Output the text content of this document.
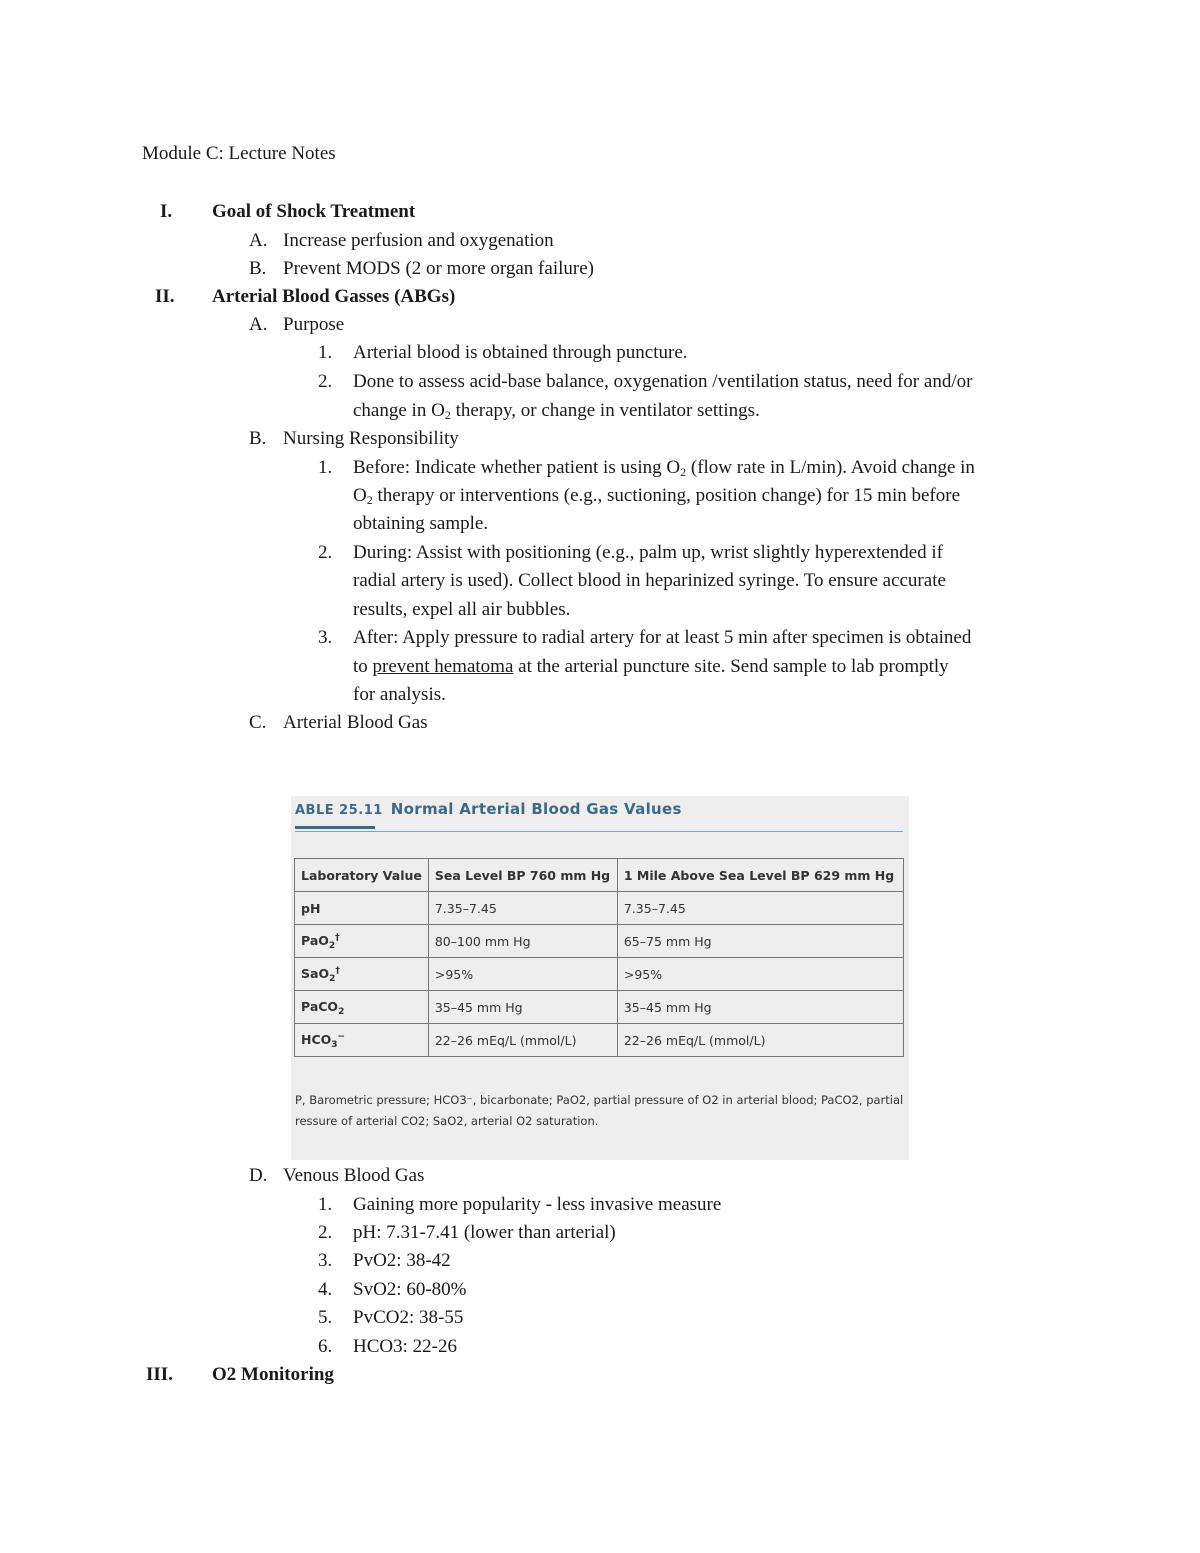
Module C: Lecture Notes
I. Goal of Shock Treatment
A. Increase perfusion and oxygenation
B. Prevent MODS (2 or more organ failure)
II. Arterial Blood Gasses (ABGs)
A. Purpose
1. Arterial blood is obtained through puncture.
2. Done to assess acid-base balance, oxygenation /ventilation status, need for and/or
change in $O_2$ therapy, or change in ventilator settings.
B. Nursing Responsibility
1. Before: Indicate whether patient is using $O_2$ (flow rate in L/min). Avoid change in
$O_2$ therapy or interventions (e.g., suctioning, position change) for 15 min before
obtaining sample.
2. During: Assist with positioning (e.g., palm up, wrist slightly hyperextended if
radial artery is used). Collect blood in heparinized syringe. To ensure accurate
results, expel all air bubbles.
3. After: Apply pressure to radial artery for at least 5 min after specimen is obtained
to prevent hematoma at the arterial puncture site. Send sample to lab promptly
for analysis.
C. Arterial Blood Gas
ABLE 25.11 Normal Arterial Blood Gas Values
Laboratory Value	Sea Level BP 760 mm Hg	1 Mile Above Sea Level BP 629 mm Hg
pH	7.35–7.45	7.35–7.45
PaO$_2$†	80–100 mm Hg	65–75 mm Hg
SaO$_2$†	>95%	>95%
PaCO$_2$	35–45 mm Hg	35–45 mm Hg
$HCO_3^-$	22–26 mEq/L (mmol/L)	22–26 mEq/L (mmol/L)
P, Barometric pressure; HCO3⁻, bicarbonate; PaO2, partial pressure of O2 in arterial blood; PaCO2, partial
ressure of arterial CO2; SaO2, arterial O2 saturation.
D. Venous Blood Gas
1. Gaining more popularity - less invasive measure
2. pH: 7.31-7.41 (lower than arterial)
3. PvO2: 38-42
4. SvO2: 60-80%
5. PvCO2: 38-55
6. HCO3: 22-26
III. O2 Monitoring
